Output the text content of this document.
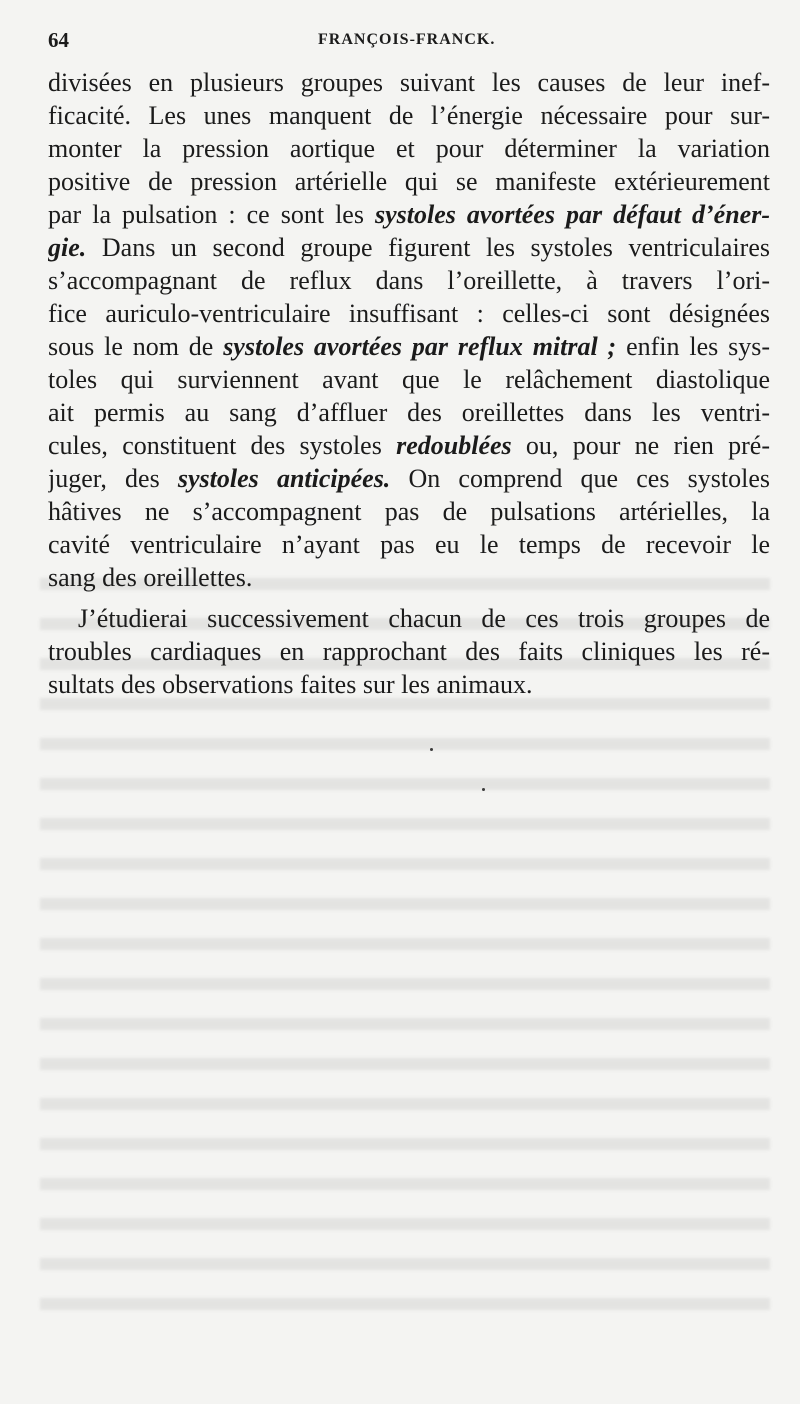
64	FRANÇOIS-FRANCK.
divisées en plusieurs groupes suivant les causes de leur inef-
ficacité. Les unes manquent de l’énergie nécessaire pour sur-
monter la pression aortique et pour déterminer la variation
positive de pression artérielle qui se manifeste extérieurement
par la pulsation : ce sont les systoles avortées par défaut d’éner-
gie. Dans un second groupe figurent les systoles ventriculaires
s’accompagnant de reflux dans l’oreillette, à travers l’ori-
fice auriculo-ventriculaire insuffisant : celles-ci sont désignées
sous le nom de systoles avortées par reflux mitral ; enfin les sys-
toles qui surviennent avant que le relâchement diastolique
ait permis au sang d’affluer des oreillettes dans les ventri-
cules, constituent des systoles redoublées ou, pour ne rien pré-
juger, des systoles anticipées. On comprend que ces systoles
hâtives ne s’accompagnent pas de pulsations artérielles, la
cavité ventriculaire n’ayant pas eu le temps de recevoir le
sang des oreillettes.
J’étudierai successivement chacun de ces trois groupes de
troubles cardiaques en rapprochant des faits cliniques les ré-
sultats des observations faites sur les animaux.
